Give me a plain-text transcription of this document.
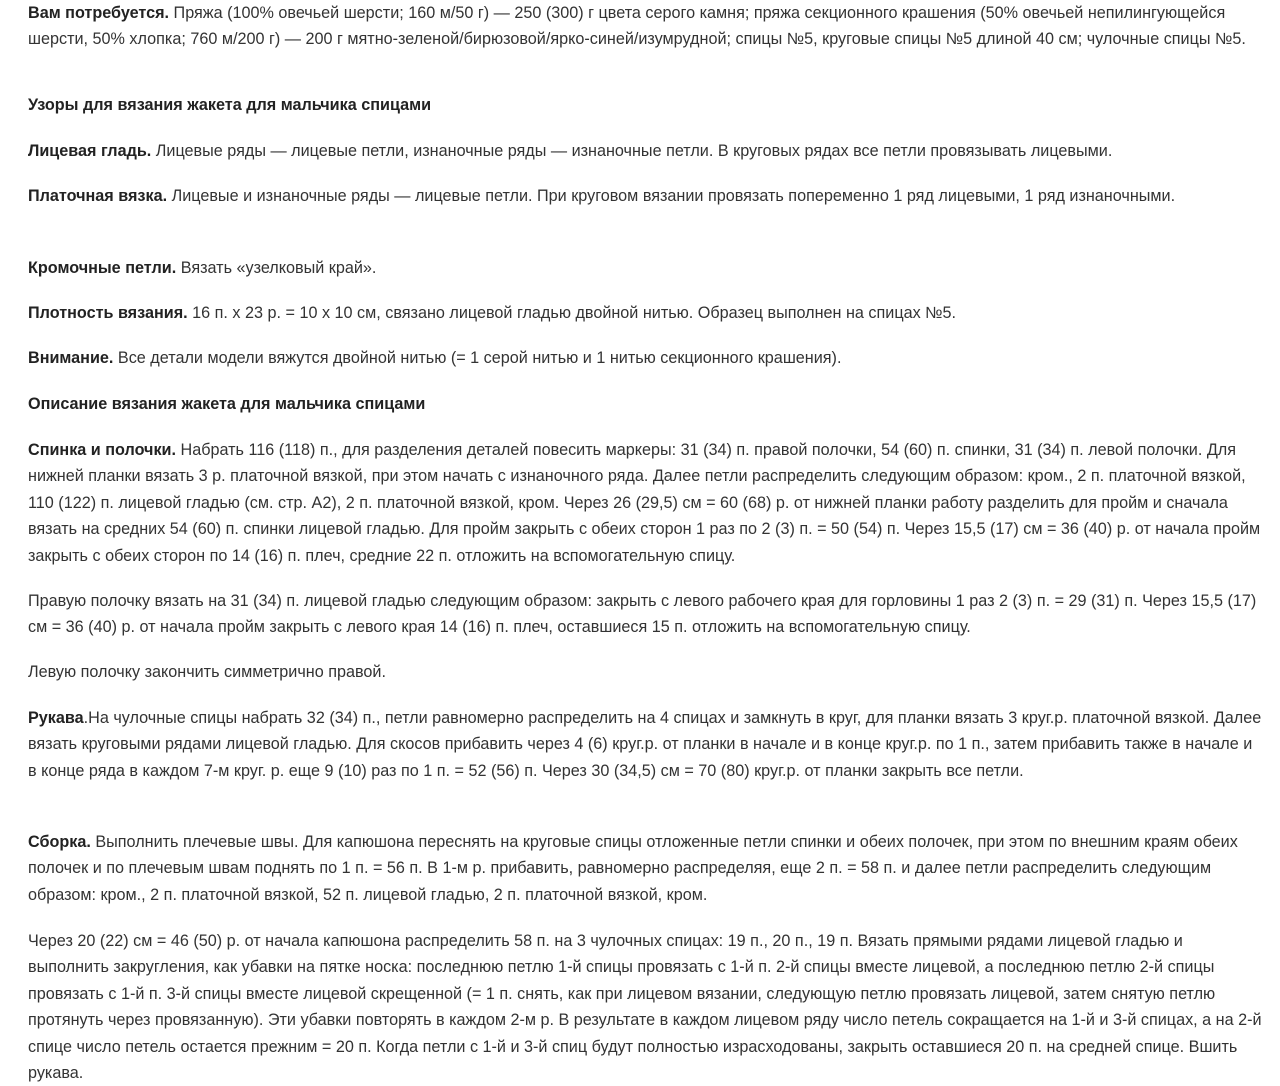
Вам потребуется. Пряжа (100% овечьей шерсти; 160 м/50 г) — 250 (300) г цвета серого камня; пряжа секционного крашения (50% овечьей непилингующейся шерсти, 50% хлопка; 760 м/200 г) — 200 г мятно-зеленой/бирюзовой/ярко-синей/изумрудной; спицы №5, круговые спицы №5 длиной 40 см; чулочные спицы №5.

Узоры для вязания жакета для мальчика спицами

Лицевая гладь. Лицевые ряды — лицевые петли, изнаночные ряды — изнаночные петли. В круговых рядах все петли провязывать лицевыми.

Платочная вязка. Лицевые и изнаночные ряды — лицевые петли. При круговом вязании провязать попеременно 1 ряд лицевыми, 1 ряд изнаночными.

Кромочные петли. Вязать «узелковый край».

Плотность вязания. 16 п. х 23 р. = 10 х 10 см, связано лицевой гладью двойной нитью. Образец выполнен на спицах №5.

Внимание. Все детали модели вяжутся двойной нитью (= 1 серой нитью и 1 нитью секционного крашения).

Описание вязания жакета для мальчика спицами

Спинка и полочки. Набрать 116 (118) п., для разделения деталей повесить маркеры: 31 (34) п. правой полочки, 54 (60) п. спинки, 31 (34) п. левой полочки. Для нижней планки вязать 3 р. платочной вязкой, при этом начать с изнаночного ряда. Далее петли распределить следующим образом: кром., 2 п. платочной вязкой, 110 (122) п. лицевой гладью (см. стр. А2), 2 п. платочной вязкой, кром. Через 26 (29,5) см = 60 (68) р. от нижней планки работу разделить для пройм и сначала вязать на средних 54 (60) п. спинки лицевой гладью. Для пройм закрыть с обеих сторон 1 раз по 2 (3) п. = 50 (54) п. Через 15,5 (17) см = 36 (40) р. от начала пройм закрыть с обеих сторон по 14 (16) п. плеч, средние 22 п. отложить на вспомогательную спицу.

Правую полочку вязать на 31 (34) п. лицевой гладью следующим образом: закрыть с левого рабочего края для горловины 1 раз 2 (3) п. = 29 (31) п. Через 15,5 (17) см = 36 (40) р. от начала пройм закрыть с левого края 14 (16) п. плеч, оставшиеся 15 п. отложить на вспомогательную спицу.

Левую полочку закончить симметрично правой.

Рукава.На чулочные спицы набрать 32 (34) п., петли равномерно распределить на 4 спицах и замкнуть в круг, для планки вязать 3 круг.р. платочной вязкой. Далее вязать круговыми рядами лицевой гладью. Для скосов прибавить через 4 (6) круг.р. от планки в начале и в конце круг.р. по 1 п., затем прибавить также в начале и в конце ряда в каждом 7-м круг. р. еще 9 (10) раз по 1 п. = 52 (56) п. Через 30 (34,5) см = 70 (80) круг.р. от планки закрыть все петли.

Сборка. Выполнить плечевые швы. Для капюшона переснять на круговые спицы отложенные петли спинки и обеих полочек, при этом по внешним краям обеих полочек и по плечевым швам поднять по 1 п. = 56 п. В 1-м р. прибавить, равномерно распределяя, еще 2 п. = 58 п. и далее петли распределить следующим образом: кром., 2 п. платочной вязкой, 52 п. лицевой гладью, 2 п. платочной вязкой, кром.

Через 20 (22) см = 46 (50) р. от начала капюшона распределить 58 п. на 3 чулочных спицах: 19 п., 20 п., 19 п. Вязать прямыми рядами лицевой гладью и выполнить закругления, как убавки на пятке носка: последнюю петлю 1-й спицы провязать с 1-й п. 2-й спицы вместе лицевой, а последнюю петлю 2-й спицы провязать с 1-й п. 3-й спицы вместе лицевой скрещенной (= 1 п. снять, как при лицевом вязании, следующую петлю провязать лицевой, затем снятую петлю протянуть через провязанную). Эти убавки повторять в каждом 2-м р. В результате в каждом лицевом ряду число петель сокращается на 1-й и 3-й спицах, а на 2-й спице число петель остается прежним = 20 п. Когда петли с 1-й и 3-й спиц будут полностью израсходованы, закрыть оставшиеся 20 п. на средней спице. Вшить рукава.
